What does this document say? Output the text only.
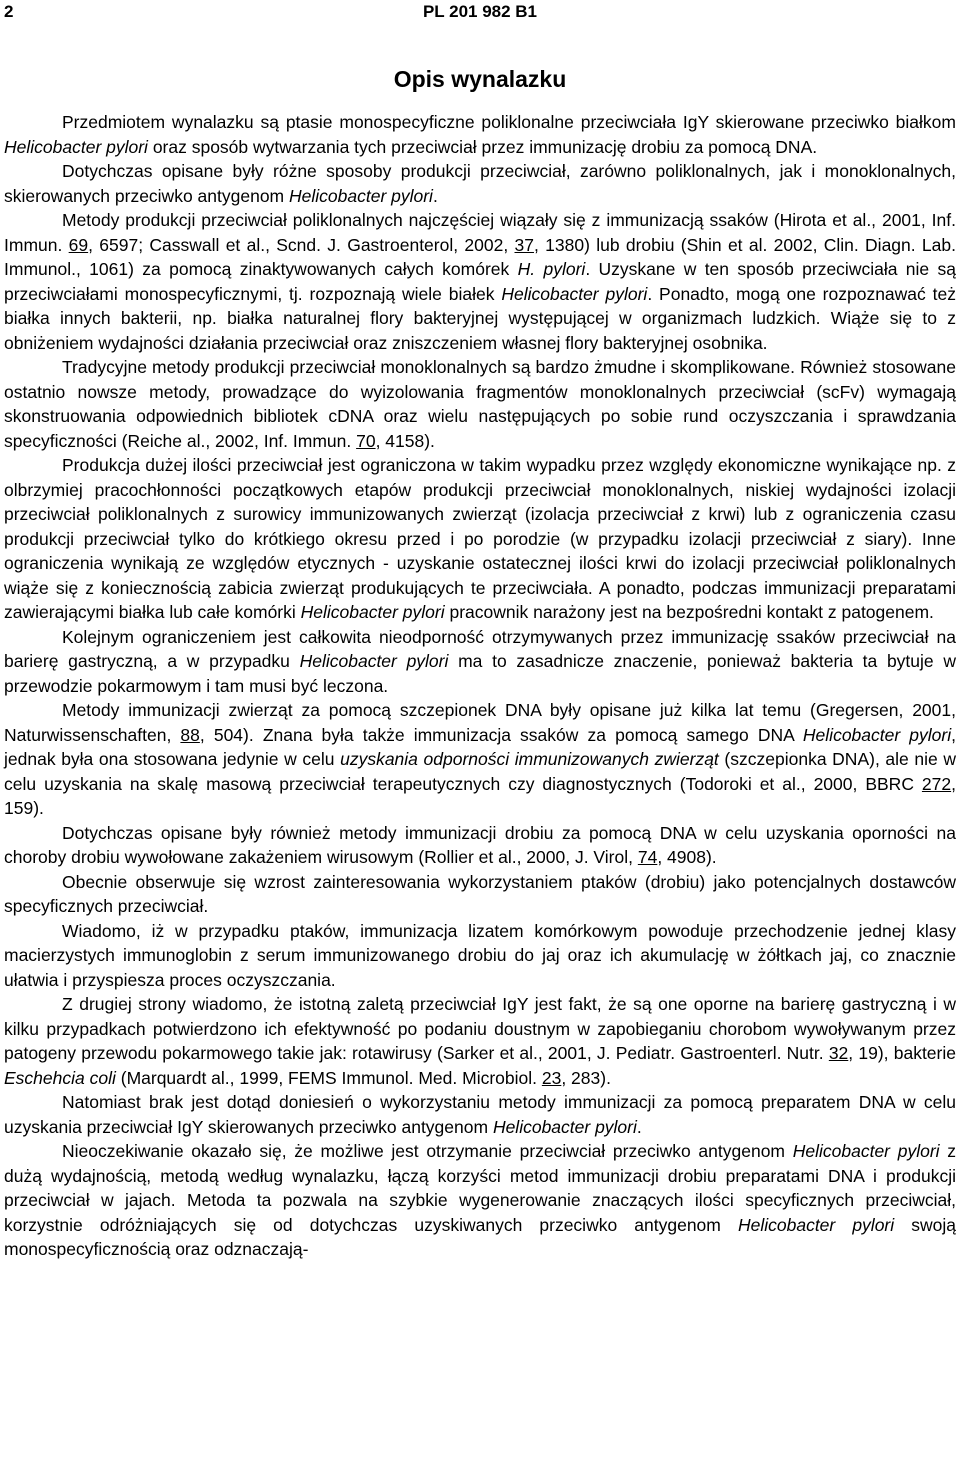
2	PL 201 982 B1
Opis wynalazku

Przedmiotem wynalazku są ptasie monospecyficzne poliklonalne przeciwciała IgY skierowane przeciwko białkom Helicobacter pylori oraz sposób wytwarzania tych przeciwciał przez immunizację drobiu za pomocą DNA.

Dotychczas opisane były różne sposoby produkcji przeciwciał, zarówno poliklonalnych, jak i monoklonalnych, skierowanych przeciwko antygenom Helicobacter pylori.

Metody produkcji przeciwciał poliklonalnych najczęściej wiązały się z immunizacją ssaków (Hirota et al., 2001, Inf. Immun. 69, 6597; Casswall et al., Scnd. J. Gastroenterol, 2002, 37, 1380) lub drobiu (Shin et al. 2002, Clin. Diagn. Lab. Immunol., 1061) za pomocą zinaktywowanych całych komórek H. pylori. Uzyskane w ten sposób przeciwciała nie są przeciwciałami monospecyficznymi, tj. rozpoznają wiele białek Helicobacter pylori. Ponadto, mogą one rozpoznawać też białka innych bakterii, np. białka naturalnej flory bakteryjnej występującej w organizmach ludzkich. Wiąże się to z obniżeniem wydajności działania przeciwciał oraz zniszczeniem własnej flory bakteryjnej osobnika.

Tradycyjne metody produkcji przeciwciał monoklonalnych są bardzo żmudne i skomplikowane. Również stosowane ostatnio nowsze metody, prowadzące do wyizolowania fragmentów monoklonalnych przeciwciał (scFv) wymagają skonstruowania odpowiednich bibliotek cDNA oraz wielu następujących po sobie rund oczyszczania i sprawdzania specyficzności (Reiche al., 2002, Inf. Immun. 70, 4158).

Produkcja dużej ilości przeciwciał jest ograniczona w takim wypadku przez względy ekonomiczne wynikające np. z olbrzymiej pracochłonności początkowych etapów produkcji przeciwciał monoklonalnych, niskiej wydajności izolacji przeciwciał poliklonalnych z surowicy immunizowanych zwierząt (izolacja przeciwciał z krwi) lub z ograniczenia czasu produkcji przeciwciał tylko do krótkiego okresu przed i po porodzie (w przypadku izolacji przeciwciał z siary). Inne ograniczenia wynikają ze względów etycznych - uzyskanie ostatecznej ilości krwi do izolacji przeciwciał poliklonalnych wiąże się z koniecznością zabicia zwierząt produkujących te przeciwciała. A ponadto, podczas immunizacji preparatami zawierającymi białka lub całe komórki Helicobacter pylori pracownik narażony jest na bezpośredni kontakt z patogenem.

Kolejnym ograniczeniem jest całkowita nieodporność otrzymywanych przez immunizację ssaków przeciwciał na barierę gastryczną, a w przypadku Helicobacter pylori ma to zasadnicze znaczenie, ponieważ bakteria ta bytuje w przewodzie pokarmowym i tam musi być leczona.

Metody immunizacji zwierząt za pomocą szczepionek DNA były opisane już kilka lat temu (Gregersen, 2001, Naturwissenschaften, 88, 504). Znana była także immunizacja ssaków za pomocą samego DNA Helicobacter pylori, jednak była ona stosowana jedynie w celu uzyskania odporności immunizowanych zwierząt (szczepionka DNA), ale nie w celu uzyskania na skalę masową przeciwciał terapeutycznych czy diagnostycznych (Todoroki et al., 2000, BBRC 272, 159).

Dotychczas opisane były również metody immunizacji drobiu za pomocą DNA w celu uzyskania oporności na choroby drobiu wywołowane zakażeniem wirusowym (Rollier et al., 2000, J. Virol, 74, 4908).

Obecnie obserwuje się wzrost zainteresowania wykorzystaniem ptaków (drobiu) jako potencjalnych dostawców specyficznych przeciwciał.

Wiadomo, iż w przypadku ptaków, immunizacja lizatem komórkowym powoduje przechodzenie jednej klasy macierzystych immunoglobin z serum immunizowanego drobiu do jaj oraz ich akumulację w żółtkach jaj, co znacznie ułatwia i przyspiesza proces oczyszczania.

Z drugiej strony wiadomo, że istotną zaletą przeciwciał IgY jest fakt, że są one oporne na barierę gastryczną i w kilku przypadkach potwierdzono ich efektywność po podaniu doustnym w zapobieganiu chorobom wywoływanym przez patogeny przewodu pokarmowego takie jak: rotawirusy (Sarker et al., 2001, J. Pediatr. Gastroenterl. Nutr. 32, 19), bakterie Eschehcia coli (Marquardt al., 1999, FEMS Immunol. Med. Microbiol. 23, 283).

Natomiast brak jest dotąd doniesień o wykorzystaniu metody immunizacji za pomocą preparatem DNA w celu uzyskania przeciwciał IgY skierowanych przeciwko antygenom Helicobacter pylori.

Nieoczekiwanie okazało się, że możliwe jest otrzymanie przeciwciał przeciwko antygenom Helicobacter pylori z dużą wydajnością, metodą według wynalazku, łączą korzyści metod immunizacji drobiu preparatami DNA i produkcji przeciwciał w jajach. Metoda ta pozwala na szybkie wygenerowanie znaczących ilości specyficznych przeciwciał, korzystnie odróżniających się od dotychczas uzyskiwanych przeciwko antygenom Helicobacter pylori swoją monospecyficznością oraz odznaczają-
